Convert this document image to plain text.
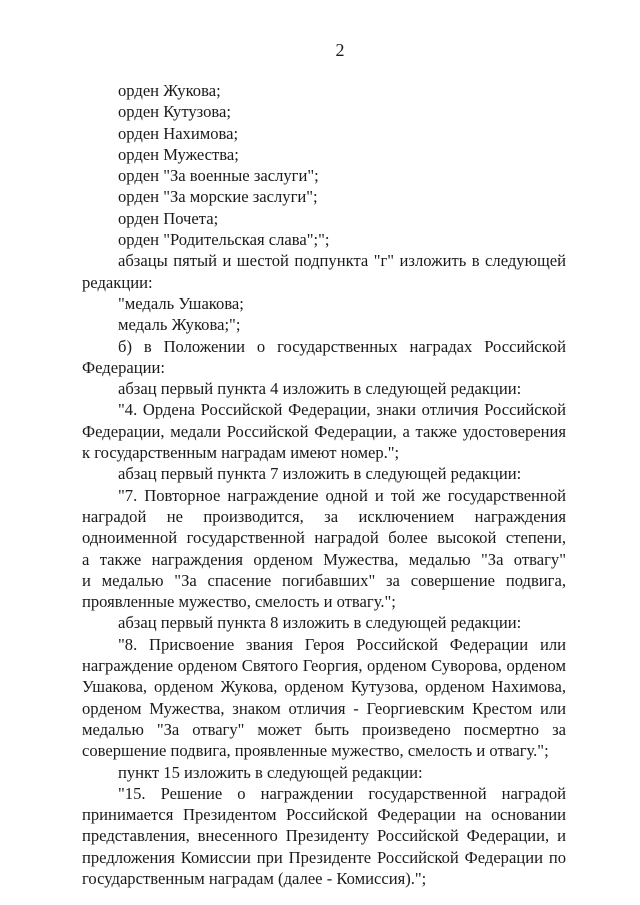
2
орден Жукова;
орден Кутузова;
орден Нахимова;
орден Мужества;
орден "За военные заслуги";
орден "За морские заслуги";
орден Почета;
орден "Родительская слава";";
абзацы пятый и шестой подпункта "г" изложить в следующей
редакции:
"медаль Ушакова;
медаль Жукова;";
б) в Положении о государственных наградах Российской
Федерации:
абзац первый пункта 4 изложить в следующей редакции:
"4. Ордена Российской Федерации, знаки отличия Российской
Федерации, медали Российской Федерации, а также удостоверения
к государственным наградам имеют номер.";
абзац первый пункта 7 изложить в следующей редакции:
"7. Повторное награждение одной и той же государственной
наградой не производится, за исключением награждения
одноименной государственной наградой более высокой степени,
а также награждения орденом Мужества, медалью "За отвагу"
и медалью "За спасение погибавших" за совершение подвига,
проявленные мужество, смелость и отвагу.";
абзац первый пункта 8 изложить в следующей редакции:
"8. Присвоение звания Героя Российской Федерации или
награждение орденом Святого Георгия, орденом Суворова, орденом
Ушакова, орденом Жукова, орденом Кутузова, орденом Нахимова,
орденом Мужества, знаком отличия - Георгиевским Крестом или
медалью "За отвагу" может быть произведено посмертно за
совершение подвига, проявленные мужество, смелость и отвагу.";
пункт 15 изложить в следующей редакции:
"15. Решение о награждении государственной наградой
принимается Президентом Российской Федерации на основании
представления, внесенного Президенту Российской Федерации, и
предложения Комиссии при Президенте Российской Федерации по
государственным наградам (далее - Комиссия).";
